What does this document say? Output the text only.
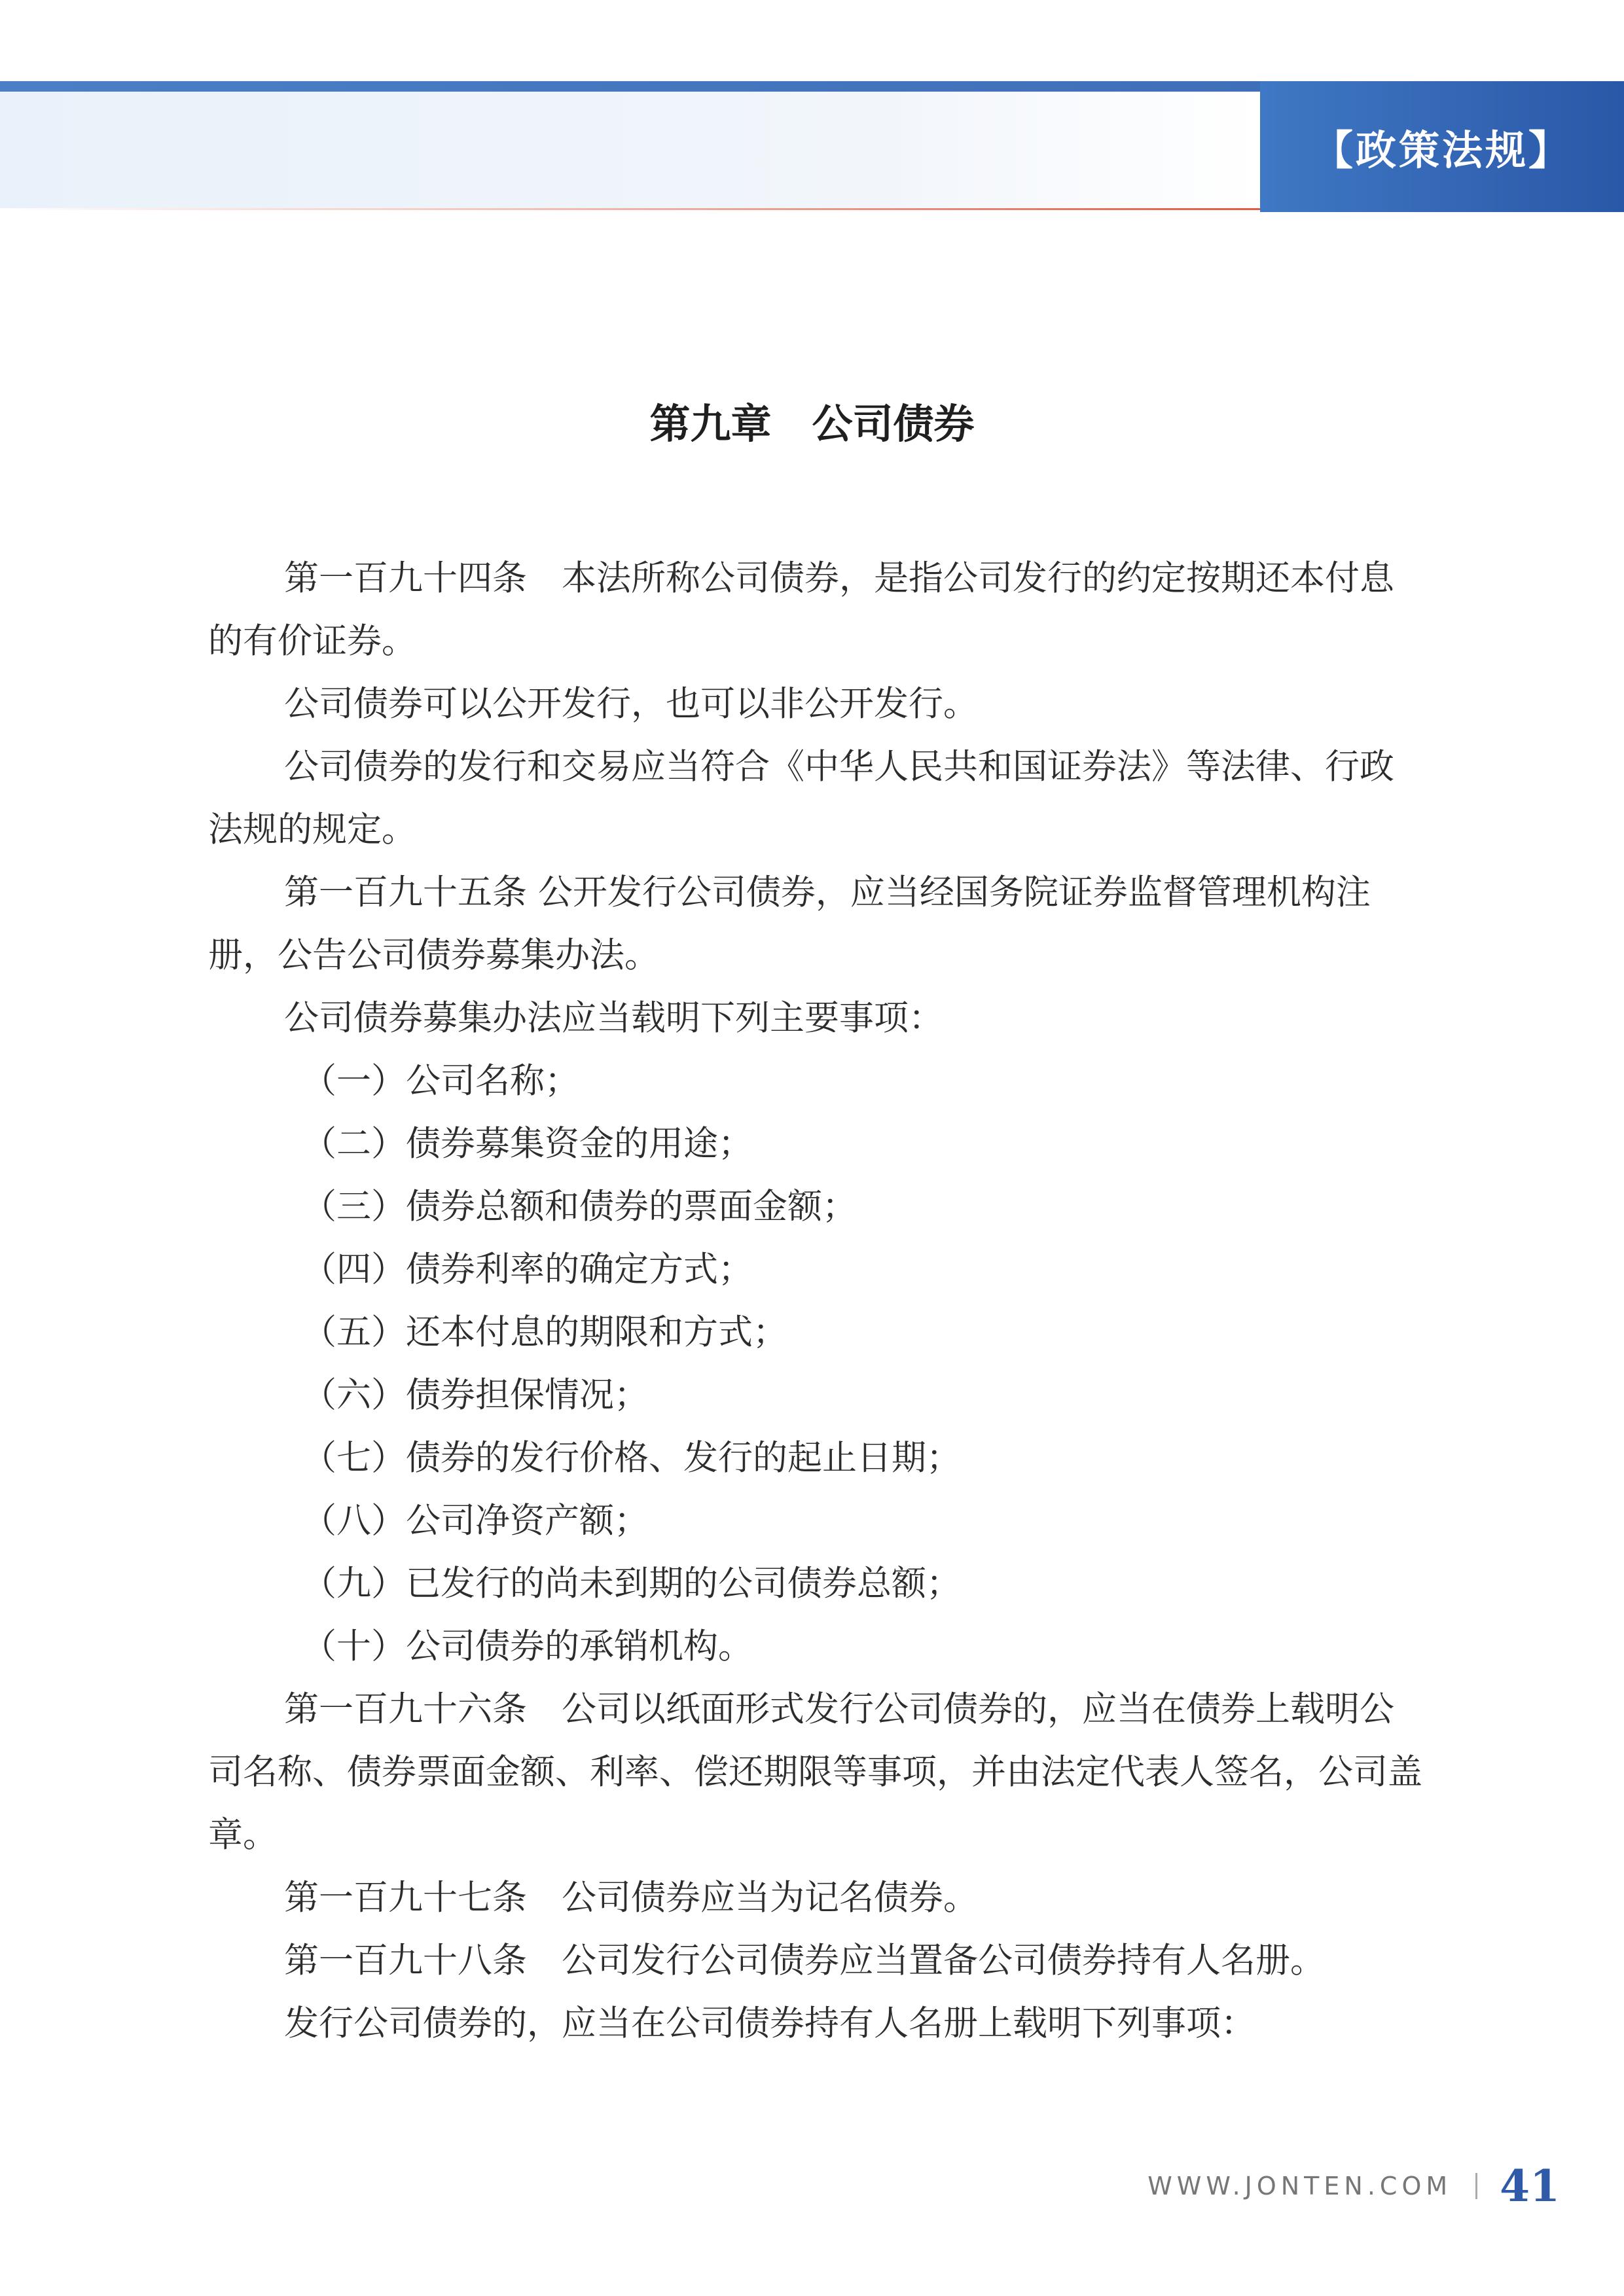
【政策法规】
第九章　公司债券

第一百九十四条　本法所称公司债券，是指公司发行的约定按期还本付息的有价证券。

公司债券可以公开发行，也可以非公开发行。

公司债券的发行和交易应当符合《中华人民共和国证券法》等法律、行政法规的规定。

第一百九十五条 公开发行公司债券，应当经国务院证券监督管理机构注册，公告公司债券募集办法。

公司债券募集办法应当载明下列主要事项：

（一）公司名称；

（二）债券募集资金的用途；

（三）债券总额和债券的票面金额；

（四）债券利率的确定方式；

（五）还本付息的期限和方式；

（六）债券担保情况；

（七）债券的发行价格、发行的起止日期；

（八）公司净资产额；

（九）已发行的尚未到期的公司债券总额；

（十）公司债券的承销机构。

第一百九十六条　公司以纸面形式发行公司债券的，应当在债券上载明公司名称、债券票面金额、利率、偿还期限等事项，并由法定代表人签名，公司盖章。

第一百九十七条　公司债券应当为记名债券。

第一百九十八条　公司发行公司债券应当置备公司债券持有人名册。

发行公司债券的，应当在公司债券持有人名册上载明下列事项：

WWW.JONTEN.COM 41
